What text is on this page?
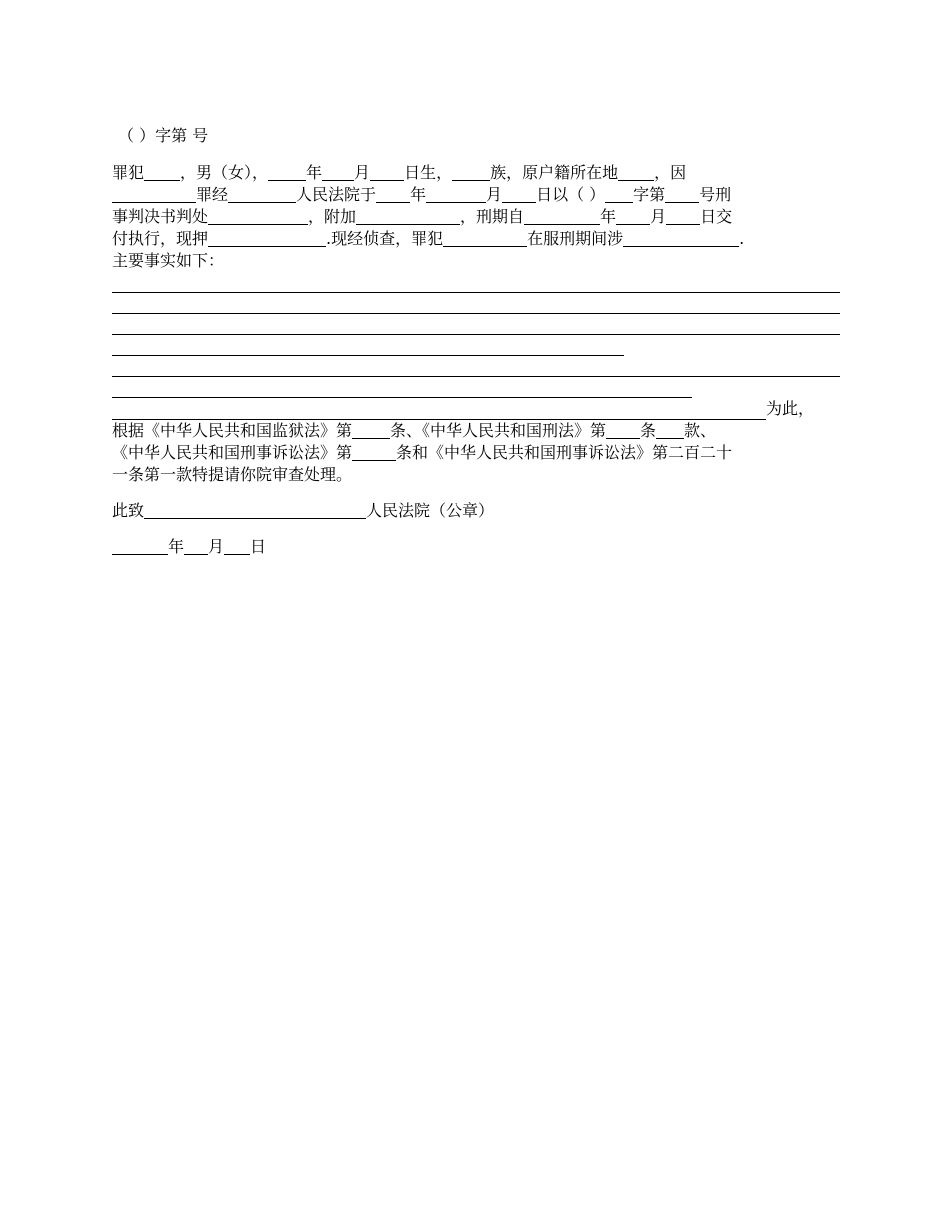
（ ）字第 号
罪犯 ，男（女）， 年 月 日生， 族，原户籍所在地 ，因
罪经	人民法院于 年	月 日以（ ） 字第 号刑
事判决书判处	，附加	，刑期自	年 月 日交
付执行，现押	.现经侦查，罪犯	在服刑期间涉	.
主要事实如下：
为此，
根据《中华人民共和国监狱法》第 条、《中华人民共和国刑法》第 条 款、
《中华人民共和国刑事诉讼法》第	条和《中华人民共和国刑事诉讼法》第二百二十
一条第一款特提请你院审查处理。
此致	人民法院（公章）
年 月 日
